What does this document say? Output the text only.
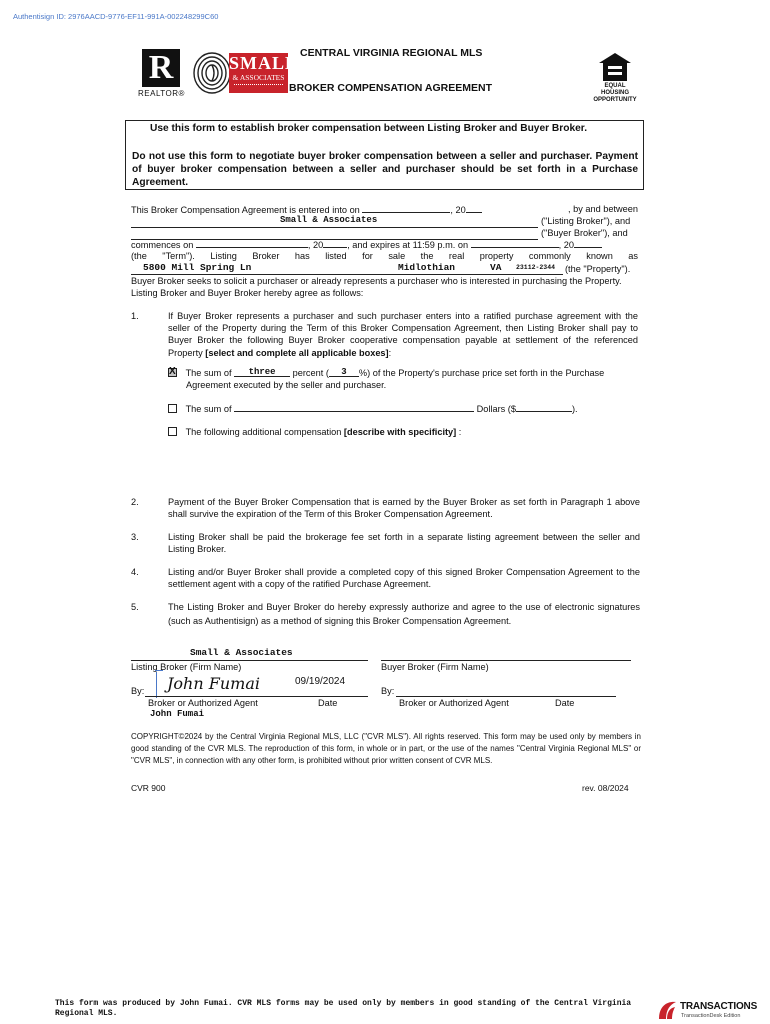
Authentisign ID: 2976AACD-9776-EF11-991A-002248299C60
R
REALTOR®
SMALL
& ASSOCIATES
CENTRAL VIRGINIA REGIONAL MLS
BROKER COMPENSATION AGREEMENT	EQUAL HOUSING OPPORTUNITY
Use this form to establish broker compensation between Listing Broker and Buyer Broker.
Do not use this form to negotiate buyer broker compensation between a seller and purchaser. Payment of buyer broker compensation between a seller and purchaser should be set forth in a Purchase Agreement.
This Broker Compensation Agreement is entered into on	, 20	, by and between
Small & Associates	("Listing Broker"), and
("Buyer Broker"), and
commences on	, 20	, and expires at 11:59 p.m. on	, 20
(the "Term"). Listing Broker has listed for sale the real property commonly known as
5800 Mill Spring Ln	Midlothian	VA 23112-2344 (the "Property").
Buyer Broker seeks to solicit a purchaser or already represents a purchaser who is interested in purchasing the Property. Listing Broker and Buyer Broker hereby agree as follows:
1.	If Buyer Broker represents a purchaser and such purchaser enters into a ratified purchase agreement with the seller of the Property during the Term of this Broker Compensation Agreement, then Listing Broker shall pay to Buyer Broker the following Buyer Broker cooperative compensation payable at settlement of the referenced Property [select and complete all applicable boxes]:
X The sum of three percent ( 3 %) of the Property's purchase price set forth in the Purchase
Agreement executed by the seller and purchaser.
The sum of	Dollars ($	).
The following additional compensation [describe with specificity] :
2.	Payment of the Buyer Broker Compensation that is earned by the Buyer Broker as set forth in Paragraph 1 above shall survive the expiration of the Term of this Broker Compensation Agreement.
3.	Listing Broker shall be paid the brokerage fee set forth in a separate listing agreement between the seller and Listing Broker.
4.	Listing and/or Buyer Broker shall provide a completed copy of this signed Broker Compensation Agreement to the settlement agent with a copy of the ratified Purchase Agreement.
5.	The Listing Broker and Buyer Broker do hereby expressly authorize and agree to the use of electronic signatures (such as Authentisign) as a method of signing this Broker Compensation Agreement.
Small & Associates
Listing Broker (Firm Name)	Buyer Broker (Firm Name)
By: John Fumai	09/19/2024
Broker or Authorized Agent	Date
John Fumai
By:
Broker or Authorized Agent	Date
COPYRIGHT©2024 by the Central Virginia Regional MLS, LLC ("CVR MLS"). All rights reserved. This form may be used only by members in good standing of the CVR MLS. The reproduction of this form, in whole or in part, or the use of the names "Central Virginia Regional MLS" or "CVR MLS", in connection with any other form, is prohibited without prior written consent of CVR MLS.
CVR 900	rev. 08/2024
This form was produced by John Fumai. CVR MLS forms may be used only by members in good standing of the Central Virginia Regional MLS.
TRANSACTIONS
TransactionDesk Edition
